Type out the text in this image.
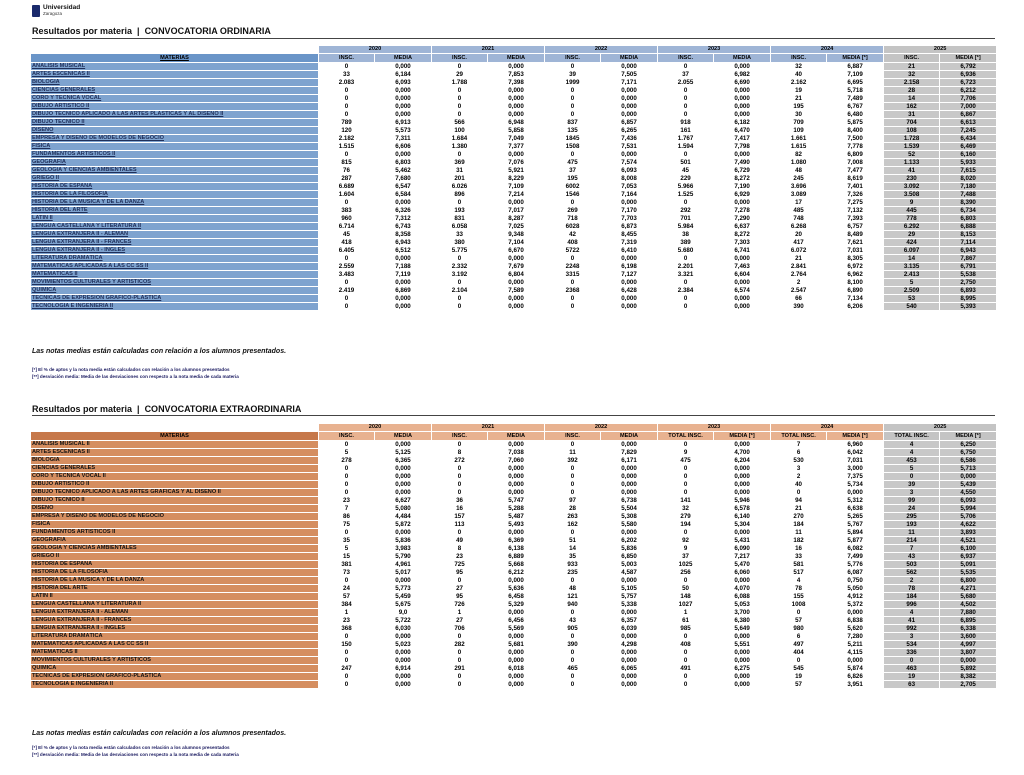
Universidad
Zaragoza
Resultados por materia | CONVOCATORIA ORDINARIA
	2020		2021		2022		2023		2024		2025	
MATERIAS	INSC.	MEDIA	INSC.	MEDIA	INSC.	MEDIA	INSC.	MEDIA	INSC.	MEDIA [*]	INSC.	MEDIA [*]
ANÁLISIS MUSICAL	0	0,000	0	0,000	0	0,000	0	0,000	32	6,887	21	6,792
ARTES ESCÉNICAS II	33	6,184	29	7,853	39	7,505	37	6,982	40	7,109	32	6,936
BIOLOGÍA	2.083	6,093	1.788	7,398	1999	7,171	2.055	6,690	2.162	6,695	2.158	6,723
CIENCIAS GENERALES	0	0,000	0	0,000	0	0,000	0	0,000	19	5,718	28	6,212
CORO Y TÉCNICA VOCAL	0	0,000	0	0,000	0	0,000	0	0,000	21	7,489	14	7,706
DIBUJO ARTÍSTICO II	0	0,000	0	0,000	0	0,000	0	0,000	195	6,767	162	7,000
DIBUJO TÉCNICO APLICADO A LAS ARTES PLÁSTICAS Y AL DISEÑO II	0	0,000	0	0,000	0	0,000	0	0,000	30	6,480	31	6,867
DIBUJO TÉCNICO II	789	6,913	566	6,948	837	6,857	918	6,182	709	5,875	704	6,613
DISEÑO	120	5,573	100	5,858	135	6,265	161	6,470	109	8,400	108	7,245
EMPRESA Y DISEÑO DE MODELOS DE NEGOCIO	2.182	7,311	1.684	7,049	1845	7,436	1.767	7,417	1.661	7,500	1.728	6,434
FÍSICA	1.515	6,606	1.380	7,377	1508	7,531	1.594	7,798	1.615	7,778	1.539	6,469
FUNDAMENTOS ARTÍSTICOS II	0	0,000	0	0,000	0	0,000	0	0,000	82	6,809	52	6,160
GEOGRAFÍA	815	6,803	369	7,076	475	7,574	501	7,490	1.080	7,008	1.133	5,933
GEOLOGÍA Y CIENCIAS AMBIENTALES	76	5,462	31	5,921	37	6,093	45	6,729	48	7,477	41	7,615
GRIEGO II	287	7,680	201	8,229	195	8,008	229	8,272	245	8,619	230	8,020
HISTORIA DE ESPAÑA	6.689	6,547	6.026	7,109	6002	7,053	5.966	7,190	3.696	7,401	3.092	7,180
HISTORIA DE LA FILOSOFÍA	1.604	6,584	896	7,214	1546	7,164	1.525	6,929	3.089	7,326	3.508	7,488
HISTORIA DE LA MÚSICA Y DE LA DANZA	0	0,000	0	0,000	0	0,000	0	0,000	17	7,275	9	8,390
HISTORIA DEL ARTE	383	6,326	193	7,017	269	7,170	292	7,278	485	7,132	445	6,734
LATÍN II	960	7,312	831	8,287	718	7,703	701	7,290	748	7,393	778	6,803
LENGUA CASTELLANA Y LITERATURA II	6.714	6,743	6.058	7,025	6028	6,873	5.984	6,637	6.268	6,757	6.292	6,888
LENGUA EXTRANJERA II - ALEMÁN	45	8,358	33	9,348	42	8,455	38	8,272	20	8,489	29	8,153
LENGUA EXTRANJERA II - FRANCÉS	418	6,943	380	7,104	408	7,319	389	7,303	417	7,621	424	7,114
LENGUA EXTRANJERA II - INGLÉS	6.405	6,512	5.775	6,670	5722	6,410	5.680	6,741	6.072	7,031	6.097	6,943
LITERATURA DRAMÁTICA	0	0,000	0	0,000	0	0,000	0	0,000	21	8,305	14	7,867
MATEMÁTICAS APLICADAS A LAS CC SS II	2.559	7,188	2.332	7,679	2248	6,198	2.201	7,463	2.841	6,972	3.135	6,791
MATEMÁTICAS II	3.483	7,119	3.192	6,804	3315	7,127	3.321	6,604	2.764	6,962	2.413	5,538
MOVIMIENTOS CULTURALES Y ARTÍSTICOS	0	0,000	0	0,000	0	0,000	0	0,000	2	8,100	5	2,750
QUÍMICA	2.419	6,869	2.104	7,589	2368	6,428	2.384	6,574	2.547	6,890	2.509	6,893
TÉCNICAS DE EXPRESIÓN GRÁFICO-PLÁSTICA	0	0,000	0	0,000	0	0,000	0	0,000	66	7,134	53	8,995
TECNOLOGÍA E INGENIERÍA II	0	0,000	0	0,000	0	0,000	0	0,000	390	6,206	540	5,393
Las notas medias están calculadas con relación a los alumnos presentados.
[*] El % de aptos y la nota media están calculados con relación a los alumnos presentados
[**] desviación media: Media de las desviaciones con respecto a la nota media de cada materia
Resultados por materia | CONVOCATORIA EXTRAORDINARIA
	2020		2021		2022		2023		2024		2025	
MATERIAS	INSC.	MEDIA	INSC.	MEDIA	INSC.	MEDIA	TOTAL INSC.	MEDIA [*]	TOTAL INSC.	MEDIA [*]	TOTAL INSC.	MEDIA [*]
ANÁLISIS MUSICAL II	0	0,000	0	0,000	0	0,000	0	0,000	7	6,960	4	6,250
ARTES ESCÉNICAS II	5	5,125	8	7,038	11	7,829	9	4,700	6	6,042	4	6,750
BIOLOGÍA	278	6,365	272	7,060	392	6,171	475	6,204	530	7,031	453	6,586
CIENCIAS GENERALES	0	0,000	0	0,000	0	0,000	0	0,000	3	3,000	5	5,713
CORO Y TÉCNICA VOCAL II	0	0,000	0	0,000	0	0,000	0	0,000	2	7,375	0	0,000
DIBUJO ARTÍSTICO II	0	0,000	0	0,000	0	0,000	0	0,000	40	5,734	39	5,439
DIBUJO TÉCNICO APLICADO A LAS ARTES GRÁFICAS Y AL DISEÑO II	0	0,000	0	0,000	0	0,000	0	0,000	0	0,000	3	4,550
DIBUJO TÉCNICO II	23	6,627	36	5,747	97	6,738	141	5,946	94	5,312	99	6,093
DISEÑO	7	5,080	16	5,288	28	5,504	32	6,578	21	6,638	24	5,994
EMPRESA Y DISEÑO DE MODELOS DE NEGOCIO	86	4,484	157	5,487	263	5,308	279	6,140	270	5,265	295	5,706
FÍSICA	75	5,872	113	5,493	162	5,580	194	5,304	184	5,767	193	4,622
FUNDAMENTOS ARTÍSTICOS II	0	0,000	0	0,000	0	0,000	0	0,000	11	5,894	11	3,893
GEOGRAFÍA	35	5,836	49	6,369	51	6,202	92	5,431	182	5,877	214	4,521
GEOLOGÍA Y CIENCIAS AMBIENTALES	5	3,983	8	6,138	14	5,836	9	6,090	16	6,082	7	6,100
GRIEGO II	15	5,790	23	6,889	35	6,850	37	7,217	33	7,499	43	6,937
HISTORIA DE ESPAÑA	381	4,961	725	5,668	933	5,003	1025	5,470	581	5,776	503	5,091
HISTORIA DE LA FILOSOFÍA	73	5,017	95	6,212	235	4,587	256	6,060	517	6,087	562	5,535
HISTORIA DE LA MÚSICA Y DE LA DANZA	0	0,000	0	0,000	0	0,000	0	0,000	4	0,750	2	6,800
HISTORIA DEL ARTE	24	5,773	27	5,636	48	5,105	50	4,070	78	5,050	78	4,271
LATÍN II	57	5,459	95	6,458	121	5,757	148	6,088	155	4,912	184	5,680
LENGUA CASTELLANA Y LITERATURA II	384	5,675	726	5,329	940	5,338	1027	5,053	1008	5,372	996	4,502
LENGUA EXTRANJERA II - ALEMÁN	1	9,0	1	0,000	0	0,000	1	3,700	0	0,000	4	7,880
LENGUA EXTRANJERA II - FRANCÉS	23	5,722	27	6,456	43	6,357	61	6,380	57	6,838	41	6,895
LENGUA EXTRANJERA II - INGLÉS	368	6,030	706	5,569	905	6,039	985	5,649	980	5,620	992	6,338
LITERATURA DRAMÁTICA	0	0,000	0	0,000	0	0,000	0	0,000	6	7,280	3	3,600
MATEMÁTICAS APLICADAS A LAS CC SS II	150	5,023	282	5,681	390	4,298	408	5,551	497	5,211	534	4,997
MATEMÁTICAS II	0	0,000	0	0,000	0	0,000	0	0,000	404	4,115	336	3,807
MOVIMIENTOS CULTURALES Y ARTÍSTICOS	0	0,000	0	0,000	0	0,000	0	0,000	0	0,000	0	0,000
QUÍMICA	247	6,914	291	6,018	465	6,065	491	6,275	545	5,874	463	5,892
TÉCNICAS DE EXPRESIÓN GRÁFICO-PLÁSTICA	0	0,000	0	0,000	0	0,000	0	0,000	19	6,826	19	8,382
TECNOLOGÍA E INGENIERÍA II	0	0,000	0	0,000	0	0,000	0	0,000	57	3,951	63	2,705
Las notas medias están calculadas con relación a los alumnos presentados.
[*] El % de aptos y la nota media están calculados con relación a los alumnos presentados
[**] desviación media: Media de las desviaciones con respecto a la nota media de cada materia
